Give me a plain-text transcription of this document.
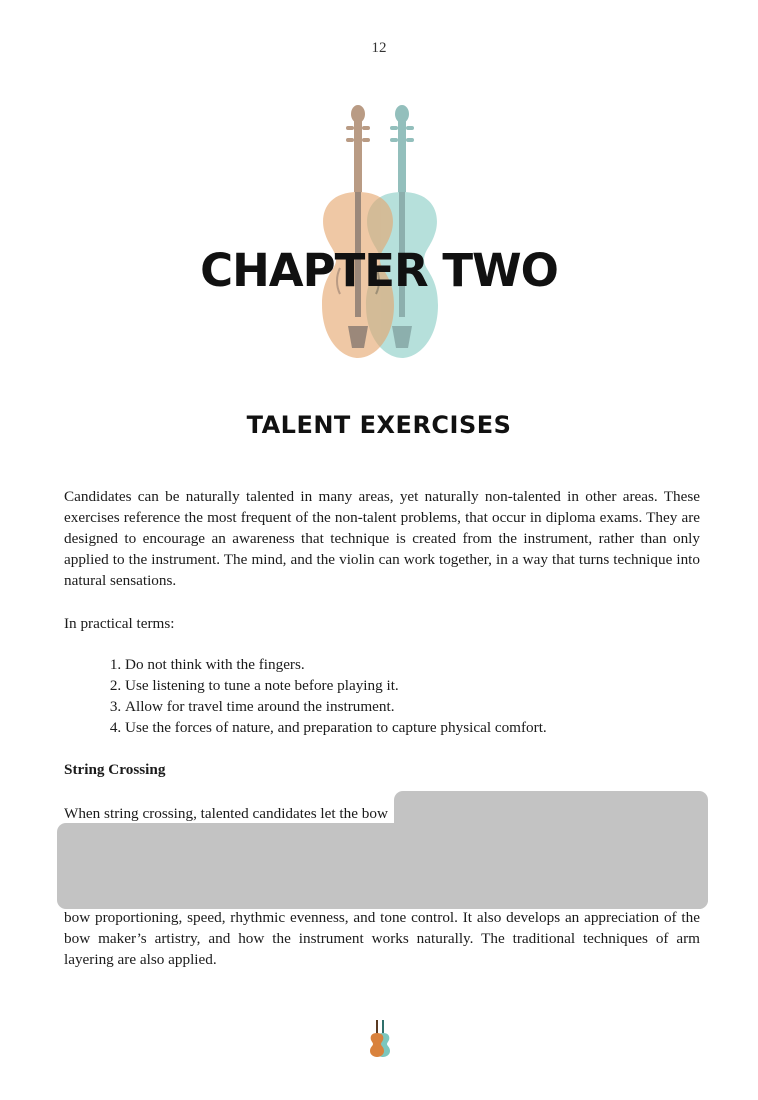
12
CHAPTER TWO
TALENT EXERCISES
Candidates can be naturally talented in many areas, yet naturally non-talented in other areas. These exercises reference the most frequent of the non-talent problems, that occur in diploma exams. They are designed to encourage an awareness that technique is created from the instrument, rather than only applied to the instrument. The mind, and the violin can work together, in a way that turns technique into natural sensations.
In practical terms:
1. Do not think with the fingers.
2. Use listening to tune a note before playing it.
3. Allow for travel time around the instrument.
4. Use the forces of nature, and preparation to capture physical comfort.
String Crossing
When string crossing, talented candidates let the bow
bow proportioning, speed, rhythmic evenness, and tone control. It also develops an appreciation of the bow maker’s artistry, and how the instrument works naturally. The traditional techniques of arm layering are also applied.
